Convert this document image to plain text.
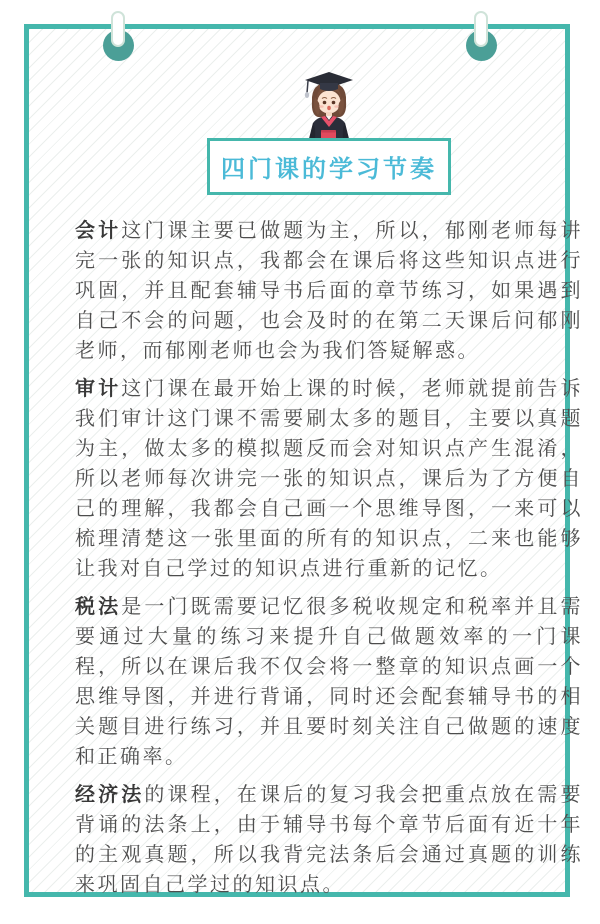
四门课的学习节奏

会计这门课主要已做题为主，所以，郁刚老师每讲完一张的知识点，我都会在课后将这些知识点进行巩固，并且配套辅导书后面的章节练习，如果遇到自己不会的问题，也会及时的在第二天课后问郁刚老师，而郁刚老师也会为我们答疑解惑。

审计这门课在最开始上课的时候，老师就提前告诉我们审计这门课不需要刷太多的题目，主要以真题为主，做太多的模拟题反而会对知识点产生混淆，所以老师每次讲完一张的知识点，课后为了方便自己的理解，我都会自己画一个思维导图，一来可以梳理清楚这一张里面的所有的知识点，二来也能够让我对自己学过的知识点进行重新的记忆。

税法是一门既需要记忆很多税收规定和税率并且需要通过大量的练习来提升自己做题效率的一门课程，所以在课后我不仅会将一整章的知识点画一个思维导图，并进行背诵，同时还会配套辅导书的相关题目进行练习，并且要时刻关注自己做题的速度和正确率。

经济法的课程，在课后的复习我会把重点放在需要背诵的法条上，由于辅导书每个章节后面有近十年的主观真题，所以我背完法条后会通过真题的训练来巩固自己学过的知识点。
